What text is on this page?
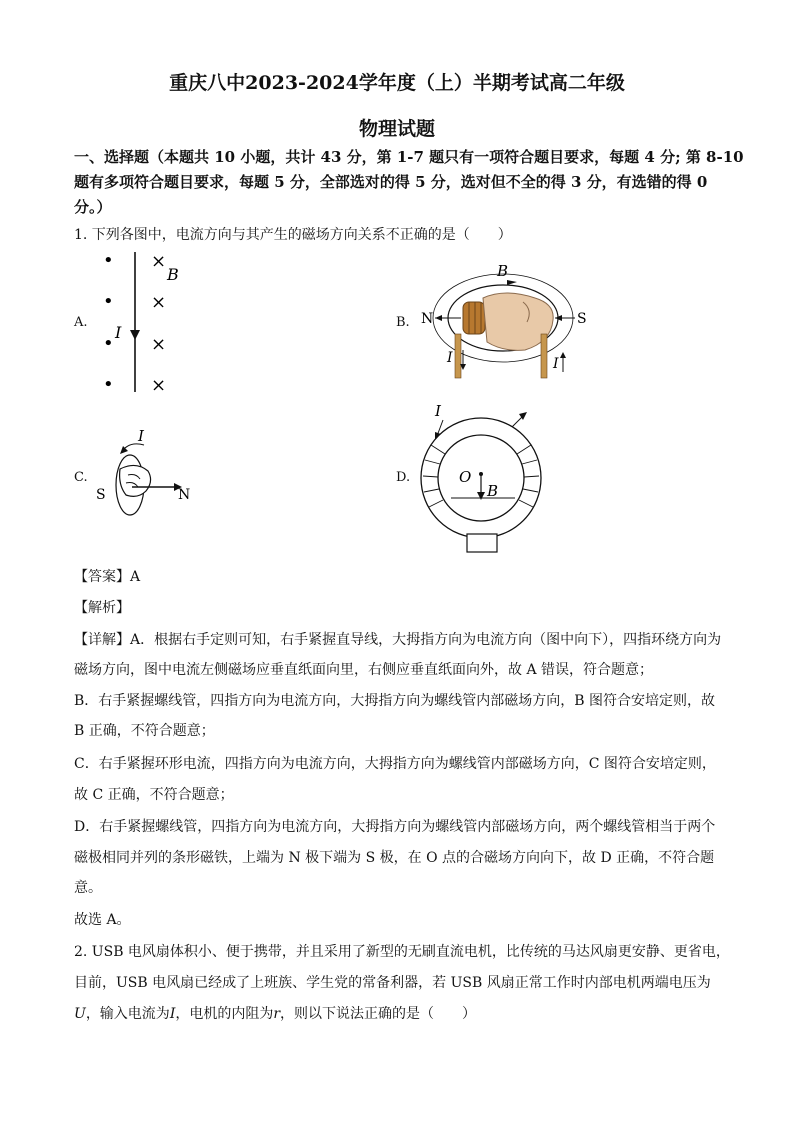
重庆八中2023-2024学年度（上）半期考试高二年级
物理试题
一、选择题（本题共 10 小题，共计 43 分，第 1-7 题只有一项符合题目要求，每题 4 分; 第 8-10
题有多项符合题目要求，每题 5 分，全部选对的得 5 分，选对但不全的得 3 分，有选错的得 0
分。）
1. 下列各图中，电流方向与其产生的磁场方向关系不正确的是（　　）
A.	B.
C.	D.
•
•
•
•
×
×
×
×
B
I
B
N	S
I	I
I
S	N
I
O
B
【答案】A
【解析】
【详解】A．根据右手定则可知，右手紧握直导线，大拇指方向为电流方向（图中向下），四指环绕方向为
磁场方向，图中电流左侧磁场应垂直纸面向里，右侧应垂直纸面向外，故 A 错误，符合题意；
B．右手紧握螺线管，四指方向为电流方向，大拇指方向为螺线管内部磁场方向，B 图符合安培定则，故
B 正确，不符合题意；
C．右手紧握环形电流，四指方向为电流方向，大拇指方向为螺线管内部磁场方向，C 图符合安培定则，
故 C 正确，不符合题意；
D．右手紧握螺线管，四指方向为电流方向，大拇指方向为螺线管内部磁场方向，两个螺线管相当于两个
磁极相同并列的条形磁铁，上端为 N 极下端为 S 极，在 O 点的合磁场方向向下，故 D 正确，不符合题
意。
故选 A。
2. USB 电风扇体积小、便于携带，并且采用了新型的无刷直流电机，比传统的马达风扇更安静、更省电，
目前，USB 电风扇已经成了上班族、学生党的常备利器，若 USB 风扇正常工作时内部电机两端电压为
U，输入电流为I，电机的内阻为r，则以下说法正确的是（　　）
